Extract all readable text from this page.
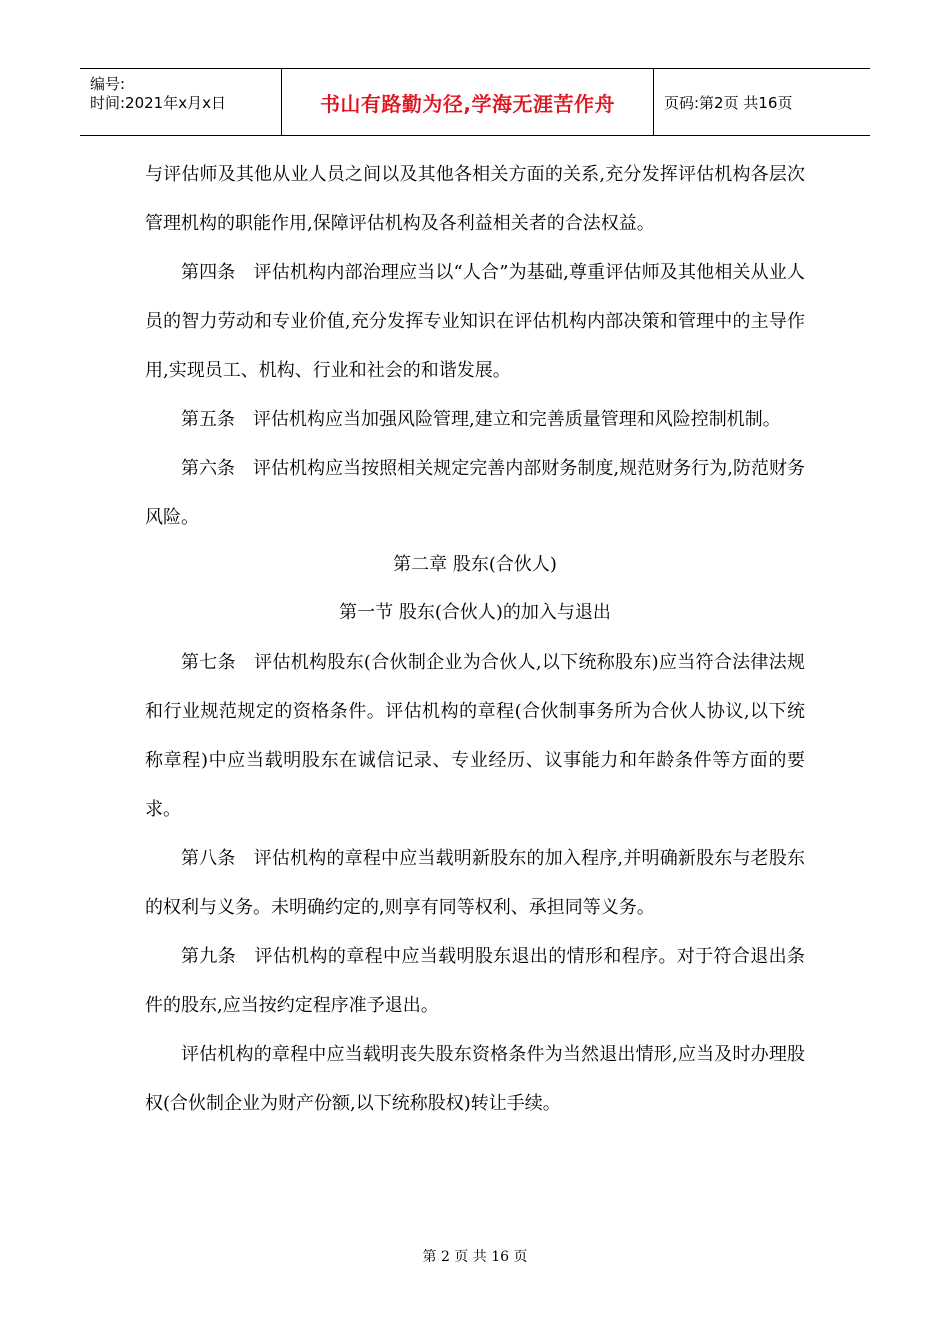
编号:
时间:2021年x月x日	书山有路勤为径,学海无涯苦作舟	页码:第2页 共16页

与评估师及其他从业人员之间以及其他各相关方面的关系,充分发挥评估机构各层次管理机构的职能作用,保障评估机构及各利益相关者的合法权益。

第四条　评估机构内部治理应当以“人合”为基础,尊重评估师及其他相关从业人员的智力劳动和专业价值,充分发挥专业知识在评估机构内部决策和管理中的主导作用,实现员工、机构、行业和社会的和谐发展。

第五条　评估机构应当加强风险管理,建立和完善质量管理和风险控制机制。

第六条　评估机构应当按照相关规定完善内部财务制度,规范财务行为,防范财务风险。

第二章 股东(合伙人)

第一节 股东(合伙人)的加入与退出

第七条　评估机构股东(合伙制企业为合伙人,以下统称股东)应当符合法律法规和行业规范规定的资格条件。评估机构的章程(合伙制事务所为合伙人协议,以下统称章程)中应当载明股东在诚信记录、专业经历、议事能力和年龄条件等方面的要求。

第八条　评估机构的章程中应当载明新股东的加入程序,并明确新股东与老股东的权利与义务。未明确约定的,则享有同等权利、承担同等义务。

第九条　评估机构的章程中应当载明股东退出的情形和程序。对于符合退出条件的股东,应当按约定程序准予退出。

评估机构的章程中应当载明丧失股东资格条件为当然退出情形,应当及时办理股权(合伙制企业为财产份额,以下统称股权)转让手续。

第 2 页 共 16 页
